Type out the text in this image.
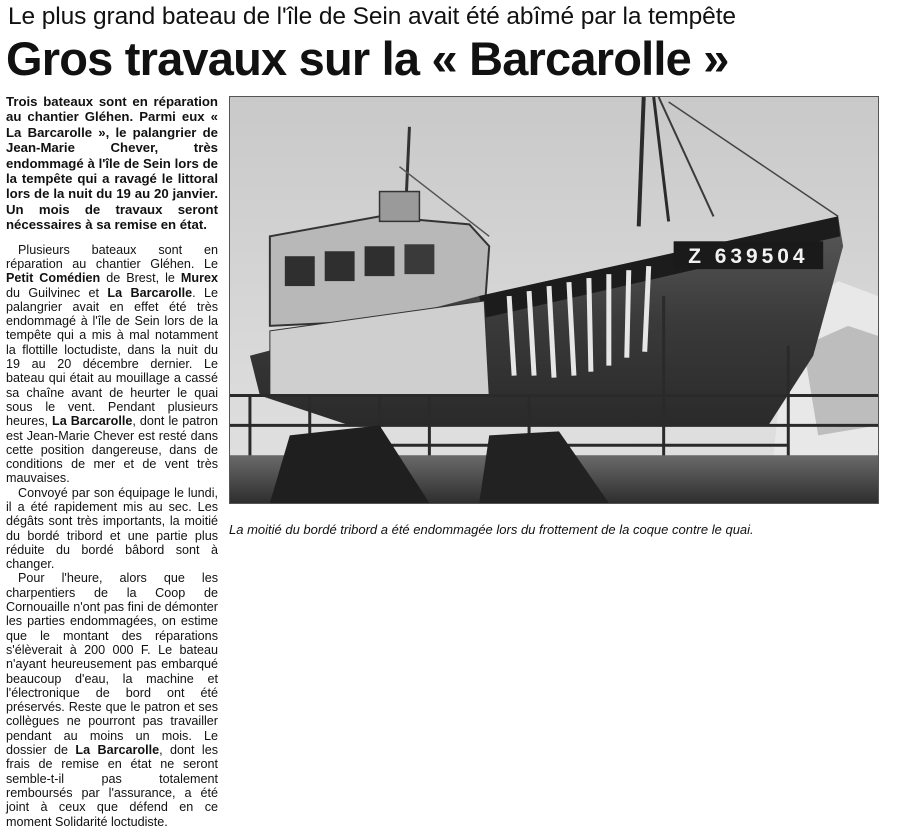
Le plus grand bateau de l'île de Sein avait été abîmé par la tempête
Gros travaux sur la « Barcarolle »

Trois bateaux sont en réparation au chantier Gléhen. Parmi eux « La Barcarolle », le palangrier de Jean-Marie Chever, très endommagé à l'île de Sein lors de la tempête qui a ravagé le littoral lors de la nuit du 19 au 20 janvier. Un mois de travaux seront nécessaires à sa remise en état.

Plusieurs bateaux sont en réparation au chantier Gléhen. Le Petit Comédien de Brest, le Murex du Guilvinec et La Barcarolle. Le palangrier avait en effet été très endommagé à l'île de Sein lors de la tempête qui a mis à mal notamment la flottille loctudiste, dans la nuit du 19 au 20 décembre dernier. Le bateau qui était au mouillage a cassé sa chaîne avant de heurter le quai sous le vent. Pendant plusieurs heures, La Barcarolle, dont le patron est Jean-Marie Chever est resté dans cette position dangereuse, dans de conditions de mer et de vent très mauvaises.

Convoyé par son équipage le lundi, il a été rapidement mis au sec. Les dégâts sont très importants, la moitié du bordé tribord et une partie plus réduite du bordé bâbord sont à changer.

Pour l'heure, alors que les charpentiers de la Coop de Cornouaille n'ont pas fini de démonter les parties endommagées, on estime que le montant des réparations s'élèverait à 200 000 F. Le bateau n'ayant heureusement pas embarqué beaucoup d'eau, la machine et l'électronique de bord ont été préservés. Reste que le patron et ses collègues ne pourront pas travailler pendant au moins un mois. Le dossier de La Barcarolle, dont les frais de remise en état ne seront semble-t-il pas totalement remboursés par l'assurance, a été joint à ceux que défend en ce moment Solidarité loctudiste.

Z 639504
La moitié du bordé tribord a été endommagée lors du frottement de la coque contre le quai.
